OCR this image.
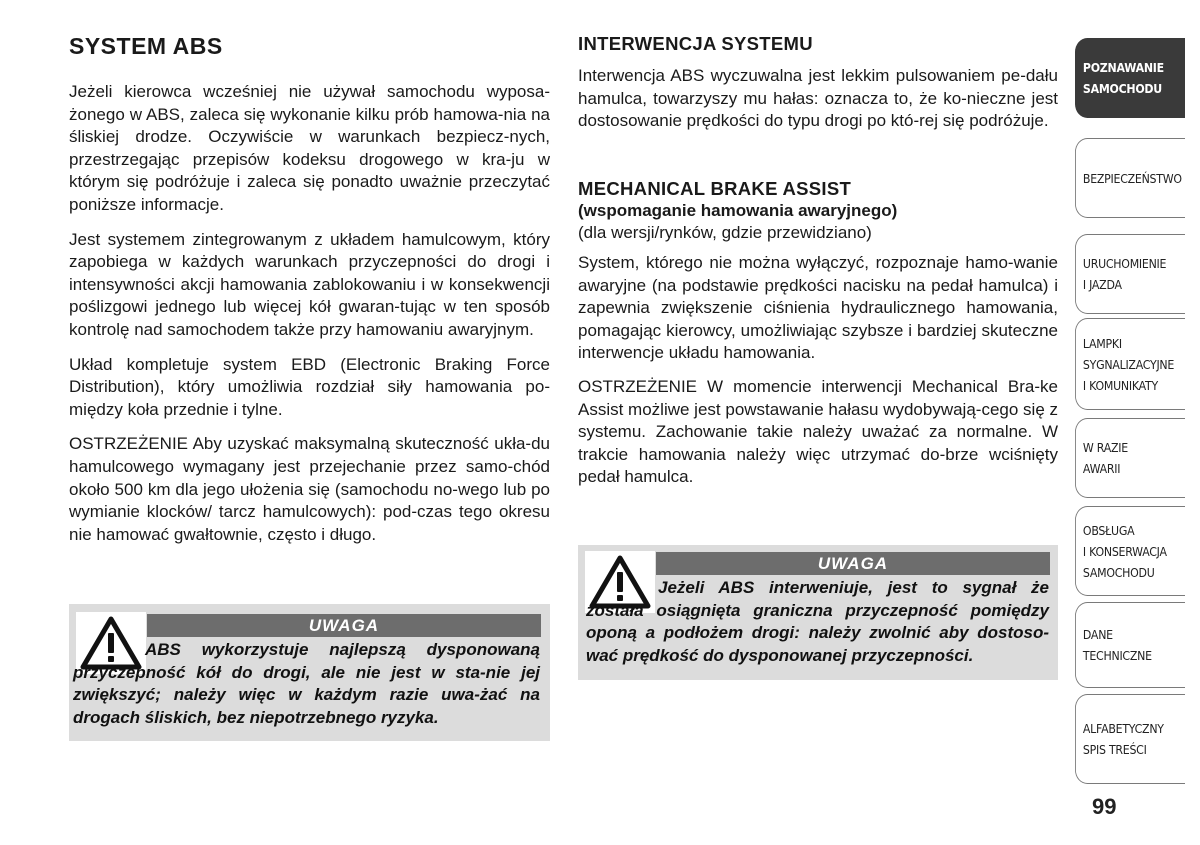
SYSTEM ABS

Jeżeli kierowca wcześniej nie używał samochodu wyposa-żonego w ABS, zaleca się wykonanie kilku prób hamowa-nia na śliskiej drodze. Oczywiście w warunkach bezpiecz-nych, przestrzegając przepisów kodeksu drogowego w kra-ju w którym się podróżuje i zaleca się ponadto uważnie przeczytać poniższe informacje.

Jest systemem zintegrowanym z układem hamulcowym, który zapobiega w każdych warunkach przyczepności do drogi i intensywności akcji hamowania zablokowaniu i w konsekwencji poślizgowi jednego lub więcej kół gwaran-tując w ten sposób kontrolę nad samochodem także przy hamowaniu awaryjnym.

Układ kompletuje system EBD (Electronic Braking Force Distribution), który umożliwia rozdział siły hamowania po-między koła przednie i tylne.

OSTRZEŻENIE Aby uzyskać maksymalną skuteczność ukła-du hamulcowego wymagany jest przejechanie przez samo-chód około 500 km dla jego ułożenia się (samochodu no-wego lub po wymianie klocków/ tarcz hamulcowych): pod-czas tego okresu nie hamować gwałtownie, często i długo.

UWAGA
ABS wykorzystuje najlepszą dysponowaną przyczepność kół do drogi, ale nie jest w sta-nie jej zwiększyć; należy więc w każdym razie uwa-żać na drogach śliskich, bez niepotrzebnego ryzyka.
INTERWENCJA SYSTEMU

Interwencja ABS wyczuwalna jest lekkim pulsowaniem pe-dału hamulca, towarzyszy mu hałas: oznacza to, że ko-nieczne jest dostosowanie prędkości do typu drogi po któ-rej się podróżuje.

MECHANICAL BRAKE ASSIST
(wspomaganie hamowania awaryjnego)
(dla wersji/rynków, gdzie przewidziano)

System, którego nie można wyłączyć, rozpoznaje hamo-wanie awaryjne (na podstawie prędkości nacisku na pedał hamulca) i zapewnia zwiększenie ciśnienia hydraulicznego hamowania, pomagając kierowcy, umożliwiając szybsze i bardziej skuteczne interwencje układu hamowania.

OSTRZEŻENIE W momencie interwencji Mechanical Bra-ke Assist możliwe jest powstawanie hałasu wydobywają-cego się z systemu. Zachowanie takie należy uważać za normalne. W trakcie hamowania należy więc utrzymać do-brze wciśnięty pedał hamulca.

UWAGA
Jeżeli ABS interweniuje, jest to sygnał że została osiągnięta graniczna przyczepność pomiędzy oponą a podłożem drogi: należy zwolnić aby dostoso-wać prędkość do dysponowanej przyczepności.
POZNAWANIE
SAMOCHODU
BEZPIECZEŃSTWO
URUCHOMIENIE
I JAZDA
LAMPKI
SYGNALIZACYJNE
I KOMUNIKATY
W RAZIE
AWARII
OBSŁUGA
I KONSERWACJA
SAMOCHODU
DANE
TECHNICZNE
ALFABETYCZNY
SPIS TREŚCI
99
